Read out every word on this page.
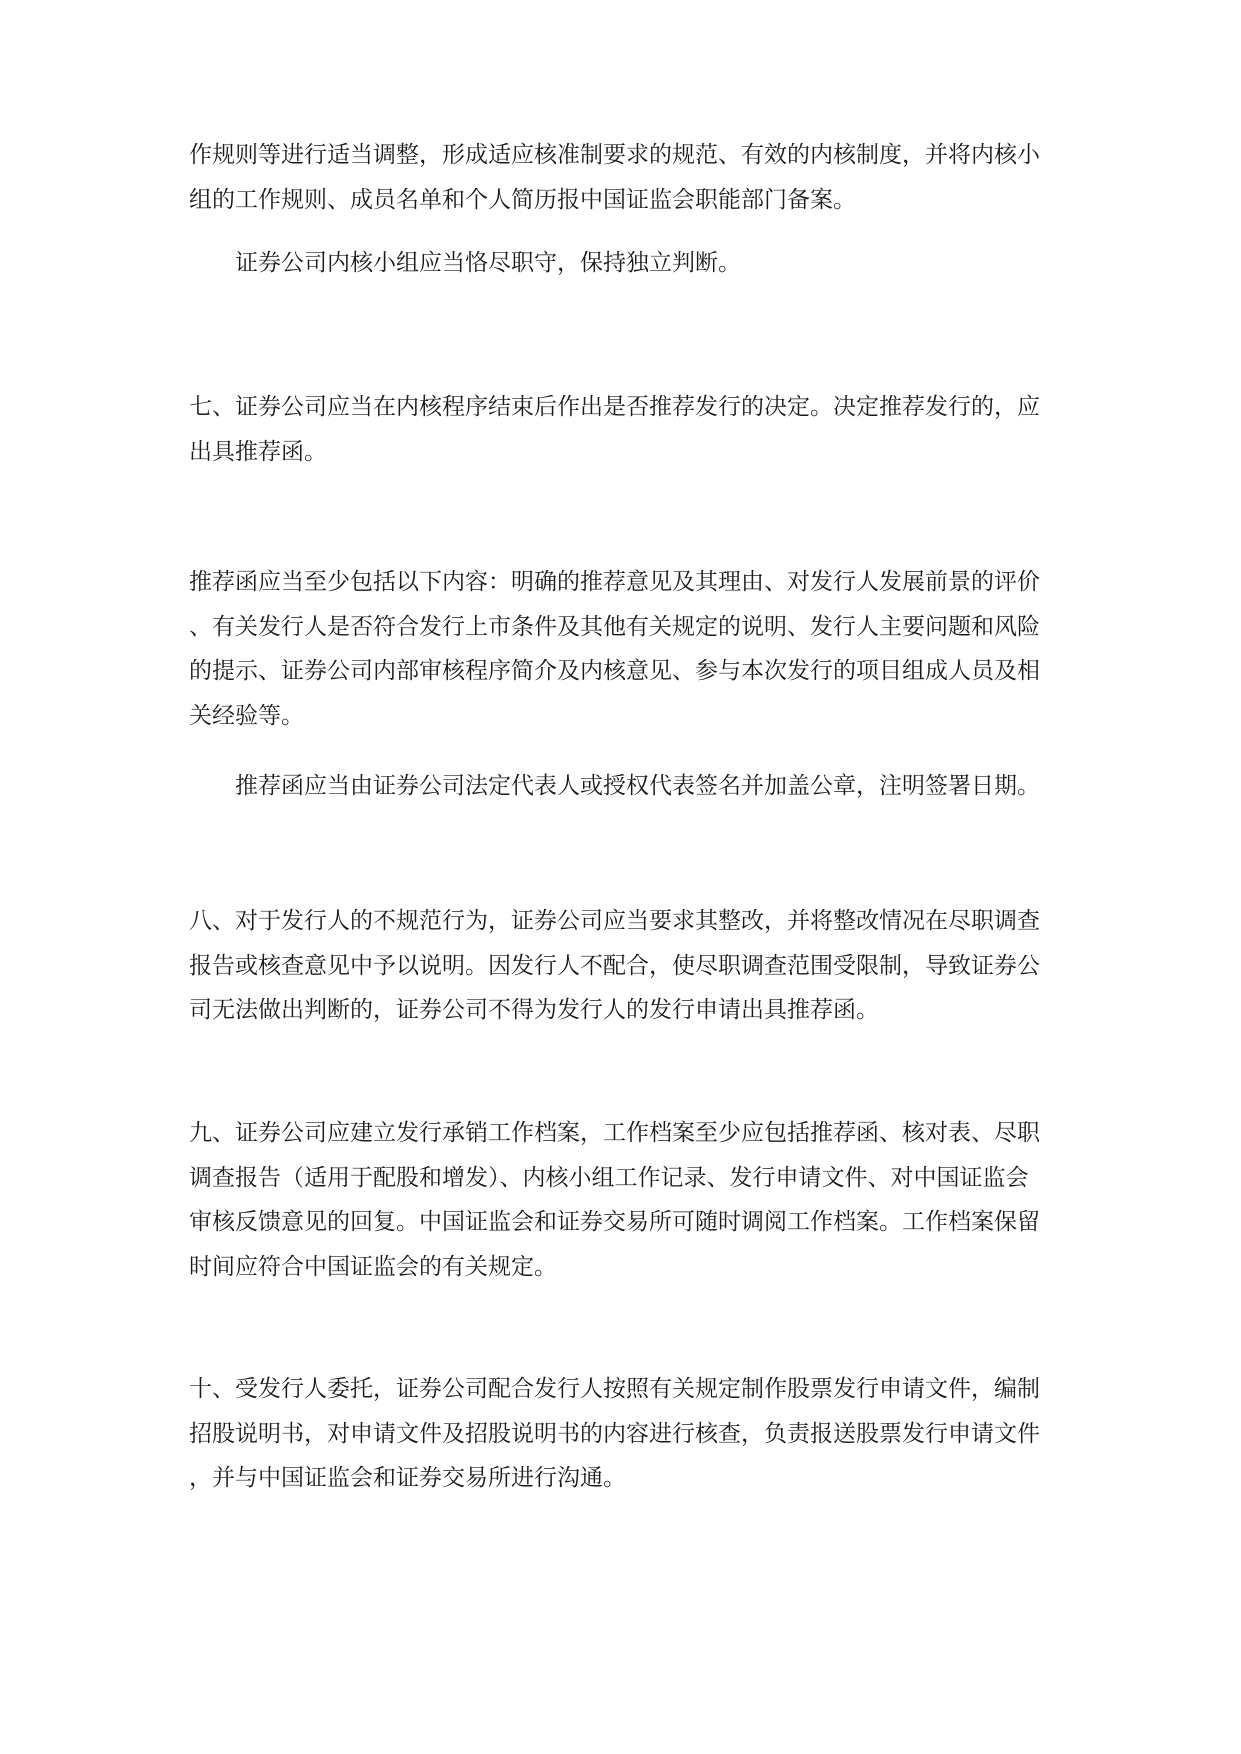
作规则等进行适当调整，形成适应核准制要求的规范、有效的内核制度，并将内核小
组的工作规则、成员名单和个人简历报中国证监会职能部门备案。
证券公司内核小组应当恪尽职守，保持独立判断。
七、证券公司应当在内核程序结束后作出是否推荐发行的决定。决定推荐发行的，应
出具推荐函。
推荐函应当至少包括以下内容：明确的推荐意见及其理由、对发行人发展前景的评价
、有关发行人是否符合发行上市条件及其他有关规定的说明、发行人主要问题和风险
的提示、证券公司内部审核程序简介及内核意见、参与本次发行的项目组成人员及相
关经验等。
推荐函应当由证券公司法定代表人或授权代表签名并加盖公章，注明签署日期。
八、对于发行人的不规范行为，证券公司应当要求其整改，并将整改情况在尽职调查
报告或核查意见中予以说明。因发行人不配合，使尽职调查范围受限制，导致证券公
司无法做出判断的，证券公司不得为发行人的发行申请出具推荐函。
九、证券公司应建立发行承销工作档案，工作档案至少应包括推荐函、核对表、尽职
调查报告（适用于配股和增发）、内核小组工作记录、发行申请文件、对中国证监会
审核反馈意见的回复。中国证监会和证券交易所可随时调阅工作档案。工作档案保留
时间应符合中国证监会的有关规定。
十、受发行人委托，证券公司配合发行人按照有关规定制作股票发行申请文件，编制
招股说明书，对申请文件及招股说明书的内容进行核查，负责报送股票发行申请文件
，并与中国证监会和证券交易所进行沟通。
